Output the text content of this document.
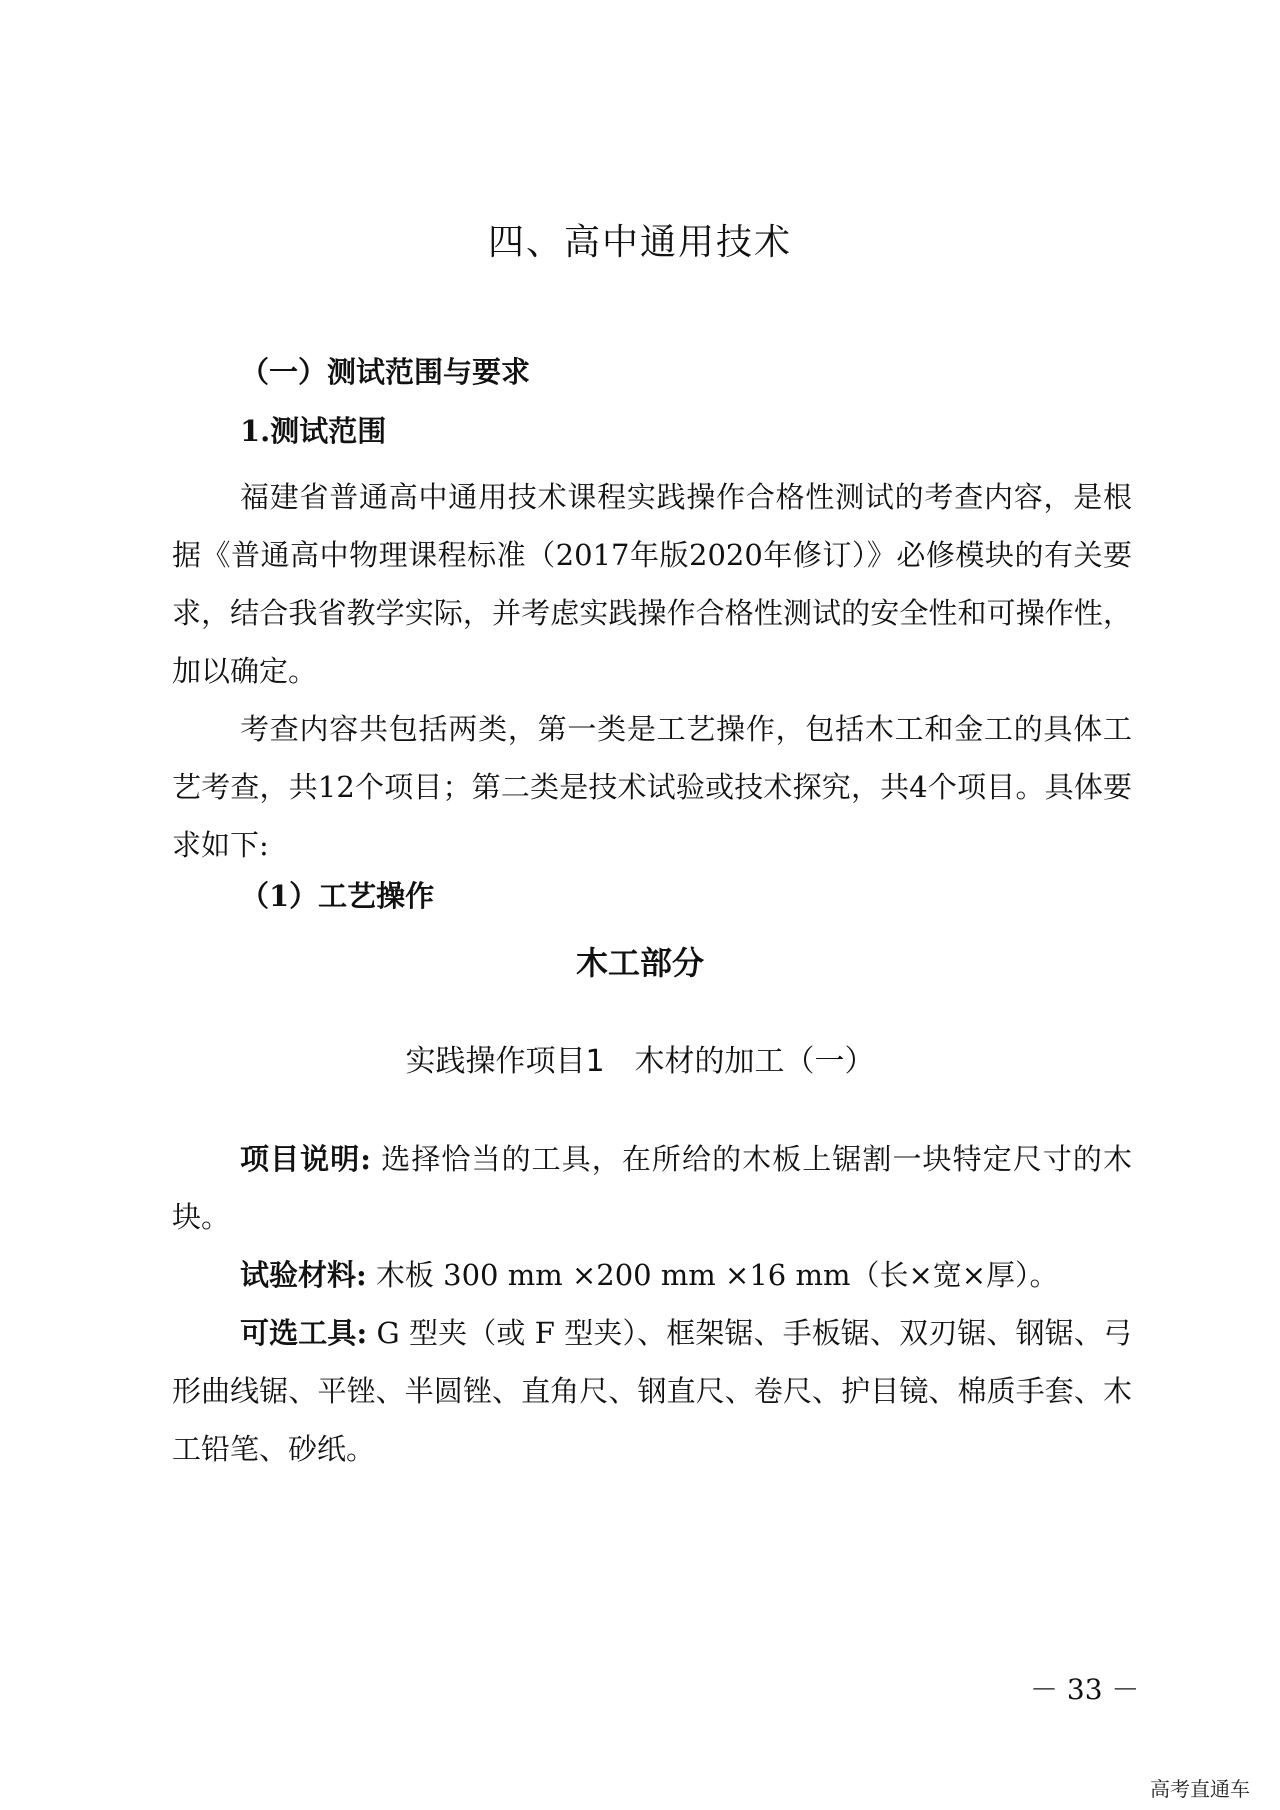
四、高中通用技术
（一）测试范围与要求
1.测试范围

福建省普通高中通用技术课程实践操作合格性测试的考查内容，是根据《普通高中物理课程标准（2017年版2020年修订）》必修模块的有关要求，结合我省教学实际，并考虑实践操作合格性测试的安全性和可操作性，加以确定。

考查内容共包括两类，第一类是工艺操作，包括木工和金工的具体工艺考查，共12个项目；第二类是技术试验或技术探究，共4个项目。具体要求如下:

（1）工艺操作
木工部分
实践操作项目1　木材的加工（一）

项目说明: 选择恰当的工具，在所给的木板上锯割一块特定尺寸的木块。

试验材料: 木板 300 mm ×200 mm ×16 mm（长×宽×厚）。

可选工具: G 型夹（或 F 型夹）、框架锯、手板锯、双刃锯、钢锯、弓形曲线锯、平锉、半圆锉、直角尺、钢直尺、卷尺、护目镜、棉质手套、木工铅笔、砂纸。

－ 33 －
高考直通车
